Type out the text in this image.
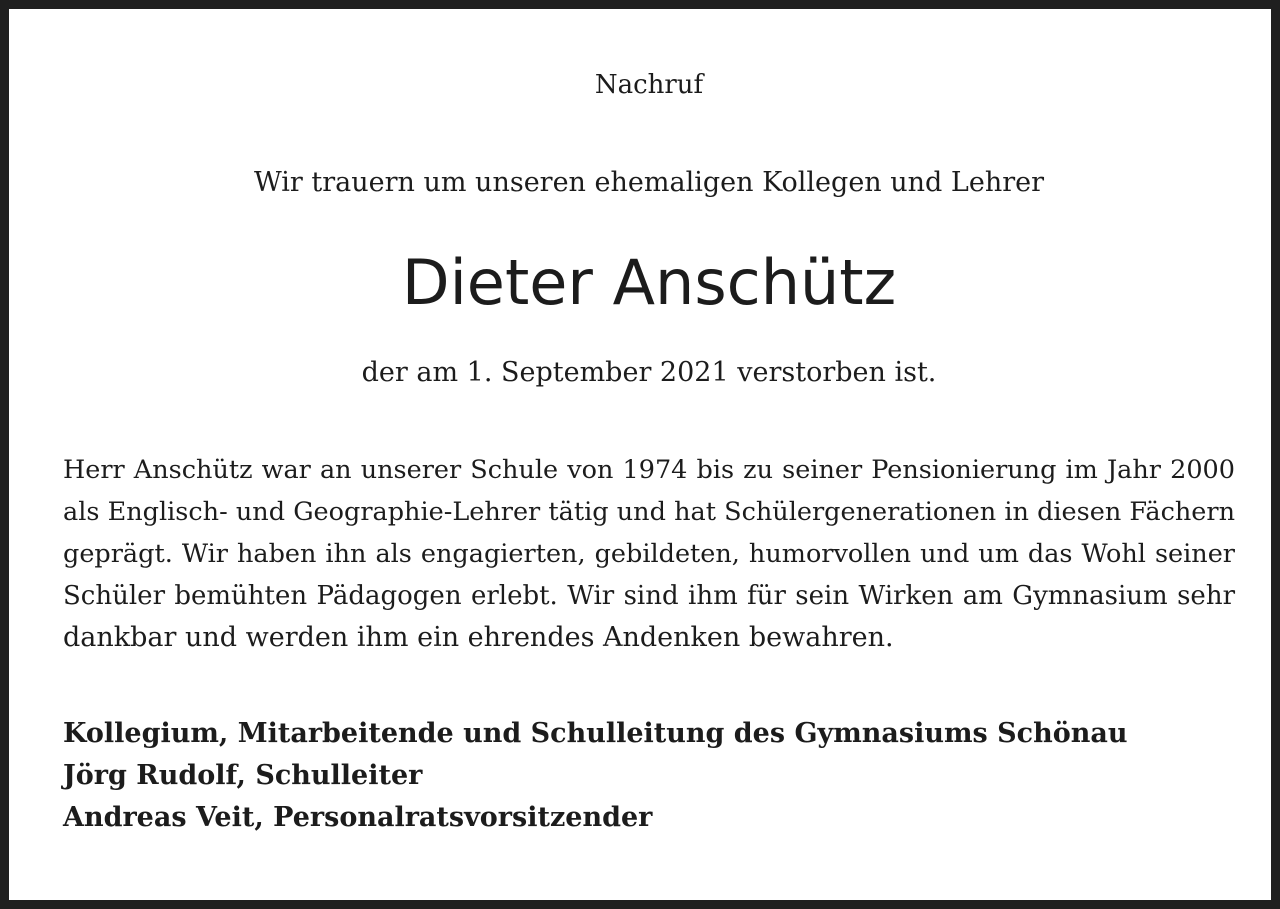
Nachruf
Wir trauern um unseren ehemaligen Kollegen und Lehrer
Dieter Anschütz
der am 1. September 2021 verstorben ist.
Herr Anschütz war an unserer Schule von 1974 bis zu seiner Pensionierung im Jahr 2000
als Englisch- und Geographie-Lehrer tätig und hat Schülergenerationen in diesen Fächern
geprägt. Wir haben ihn als engagierten, gebildeten, humorvollen und um das Wohl seiner
Schüler bemühten Pädagogen erlebt. Wir sind ihm für sein Wirken am Gymnasium sehr
dankbar und werden ihm ein ehrendes Andenken bewahren.
Kollegium, Mitarbeitende und Schulleitung des Gymnasiums Schönau
Jörg Rudolf, Schulleiter
Andreas Veit, Personalratsvorsitzender
